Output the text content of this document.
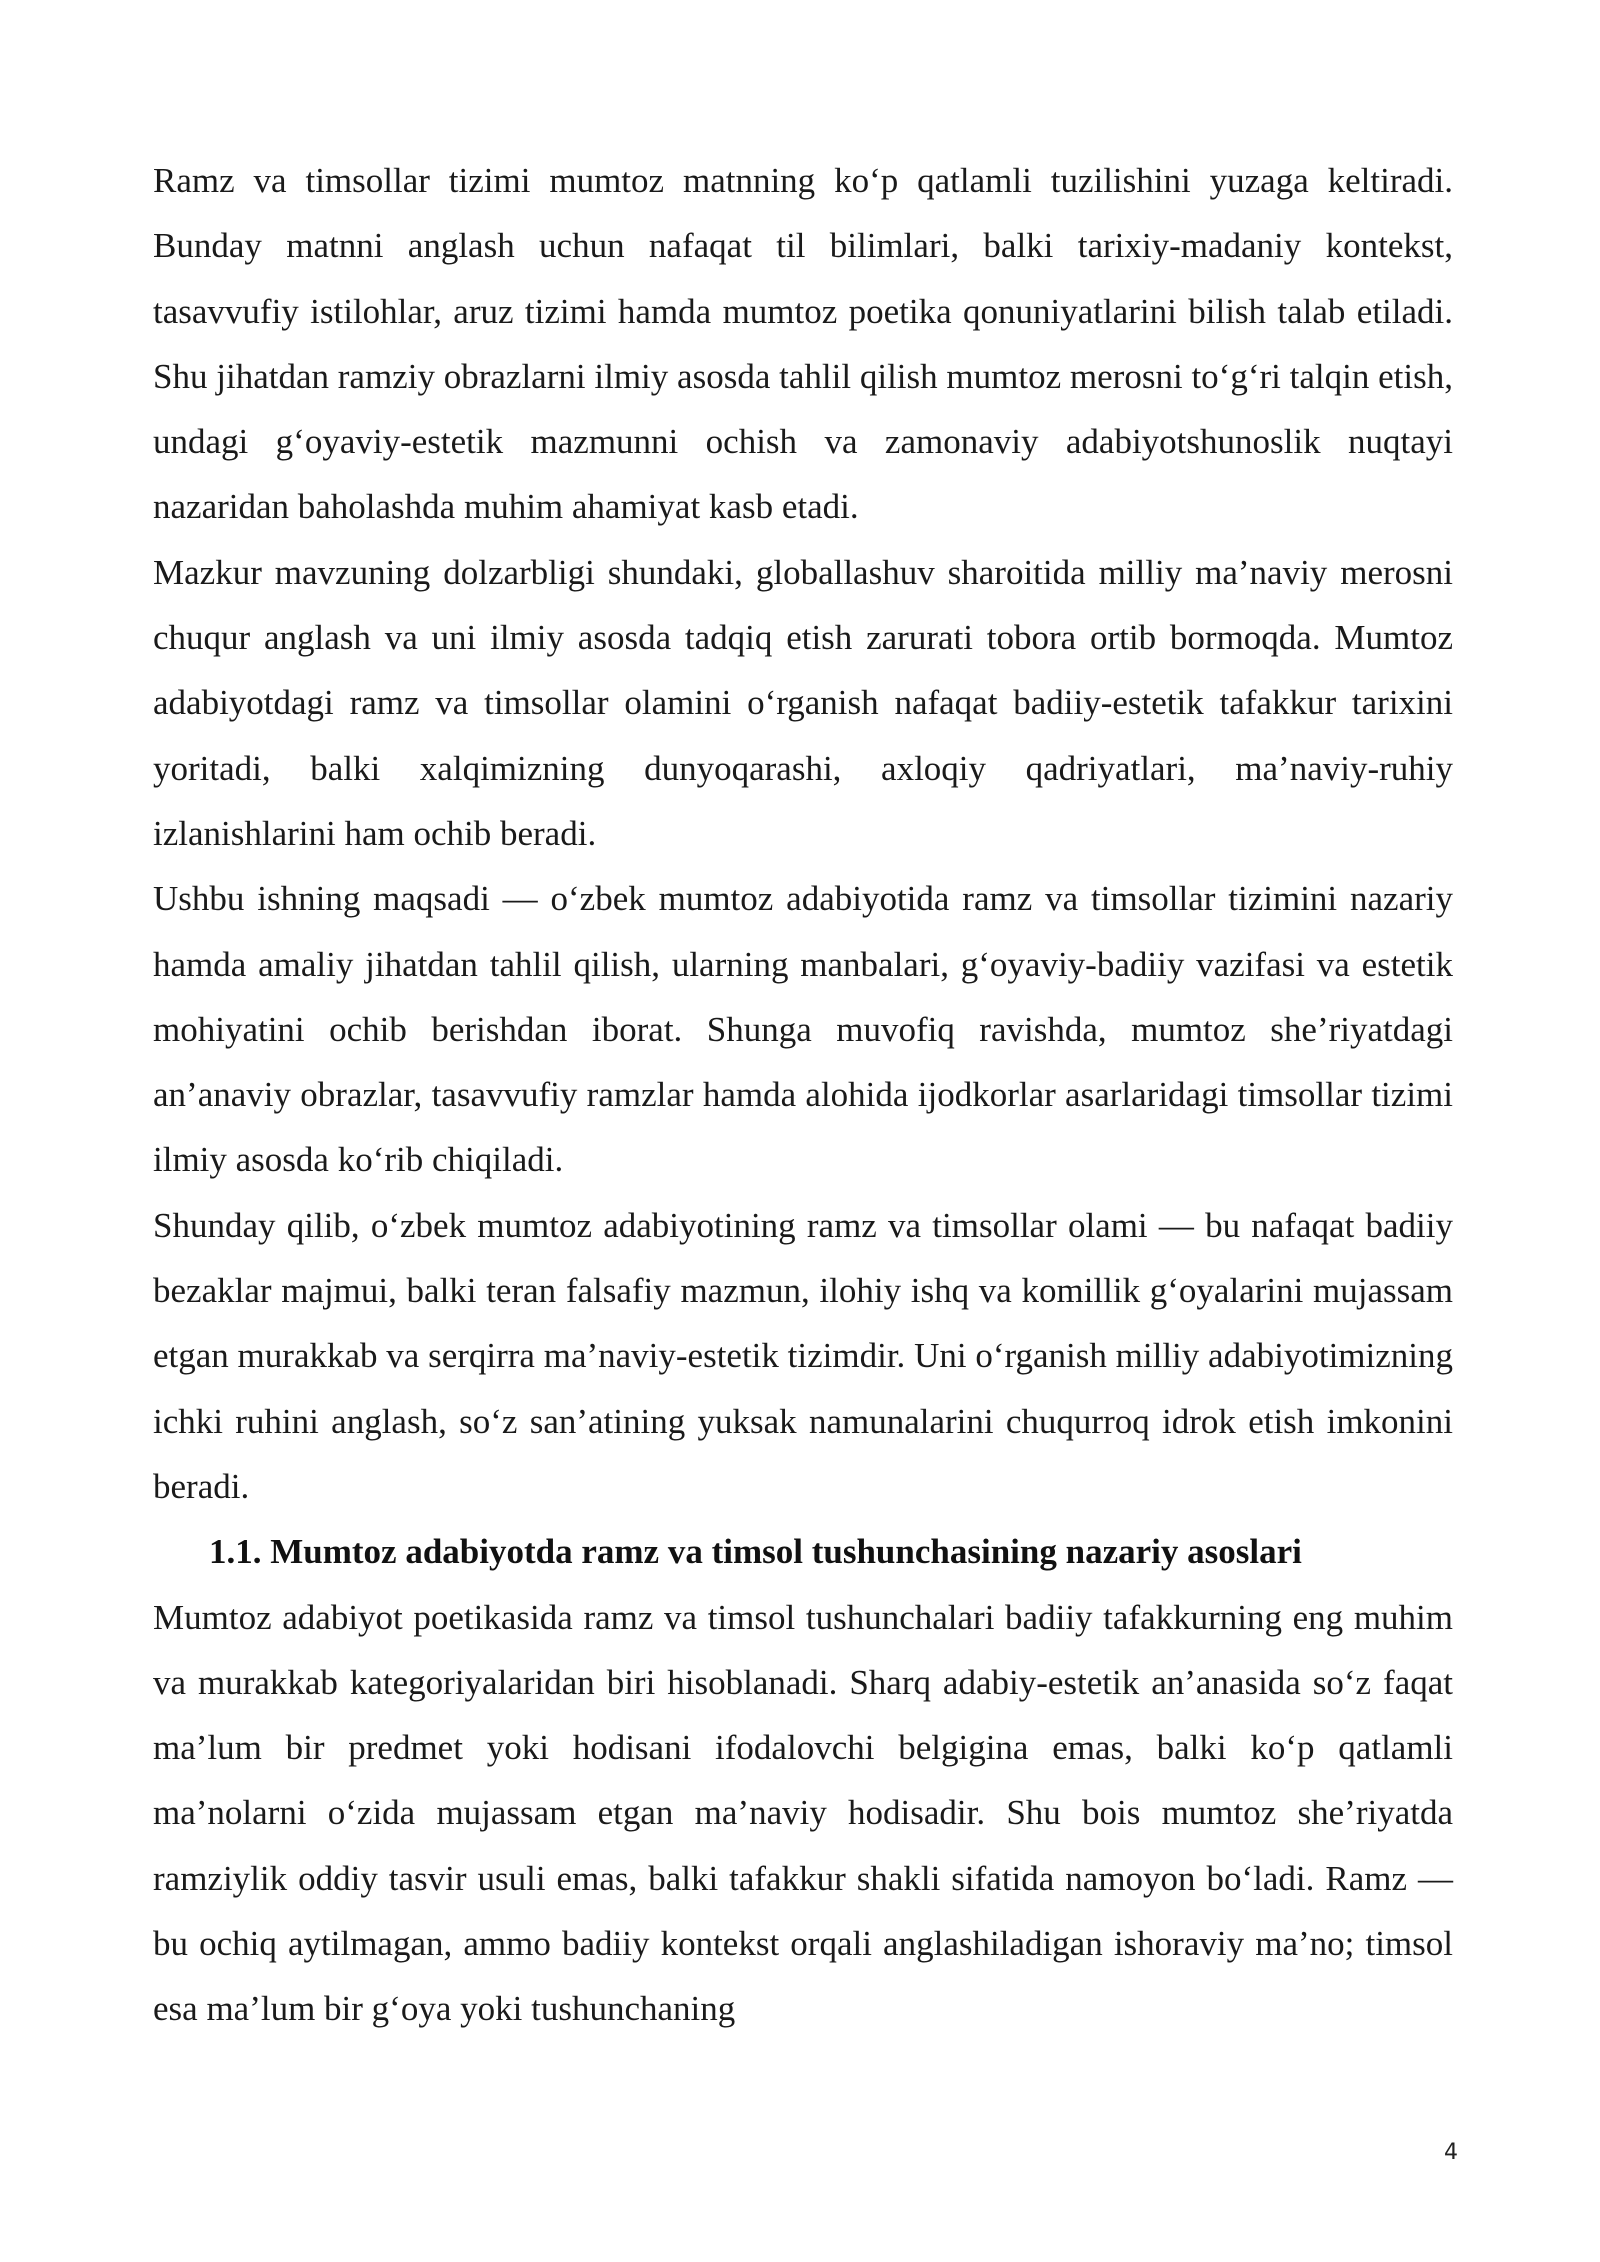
Ramz va timsollar tizimi mumtoz matnning ko‘p qatlamli tuzilishini yuzaga keltiradi. Bunday matnni anglash uchun nafaqat til bilimlari, balki tarixiy-madaniy kontekst, tasavvufiy istilohlar, aruz tizimi hamda mumtoz poetika qonuniyatlarini bilish talab etiladi. Shu jihatdan ramziy obrazlarni ilmiy asosda tahlil qilish mumtoz merosni to‘g‘ri talqin etish, undagi g‘oyaviy-estetik mazmunni ochish va zamonaviy adabiyotshunoslik nuqtayi nazaridan baholashda muhim ahamiyat kasb etadi.

Mazkur mavzuning dolzarbligi shundaki, globallashuv sharoitida milliy ma’naviy merosni chuqur anglash va uni ilmiy asosda tadqiq etish zarurati tobora ortib bormoqda. Mumtoz adabiyotdagi ramz va timsollar olamini o‘rganish nafaqat badiiy-estetik tafakkur tarixini yoritadi, balki xalqimizning dunyoqarashi, axloqiy qadriyatlari, ma’naviy-ruhiy izlanishlarini ham ochib beradi.

Ushbu ishning maqsadi — o‘zbek mumtoz adabiyotida ramz va timsollar tizimini nazariy hamda amaliy jihatdan tahlil qilish, ularning manbalari, g‘oyaviy-badiiy vazifasi va estetik mohiyatini ochib berishdan iborat. Shunga muvofiq ravishda, mumtoz she’riyatdagi an’anaviy obrazlar, tasavvufiy ramzlar hamda alohida ijodkorlar asarlaridagi timsollar tizimi ilmiy asosda ko‘rib chiqiladi.

Shunday qilib, o‘zbek mumtoz adabiyotining ramz va timsollar olami — bu nafaqat badiiy bezaklar majmui, balki teran falsafiy mazmun, ilohiy ishq va komillik g‘oyalarini mujassam etgan murakkab va serqirra ma’naviy-estetik tizimdir. Uni o‘rganish milliy adabiyotimizning ichki ruhini anglash, so‘z san’atining yuksak namunalarini chuqurroq idrok etish imkonini beradi.

1.1. Mumtoz adabiyotda ramz va timsol tushunchasining nazariy asoslari

Mumtoz adabiyot poetikasida ramz va timsol tushunchalari badiiy tafakkurning eng muhim va murakkab kategoriyalaridan biri hisoblanadi. Sharq adabiy-estetik an’anasida so‘z faqat ma’lum bir predmet yoki hodisani ifodalovchi belgigina emas, balki ko‘p qatlamli ma’nolarni o‘zida mujassam etgan ma’naviy hodisadir. Shu bois mumtoz she’riyatda ramziylik oddiy tasvir usuli emas, balki tafakkur shakli sifatida namoyon bo‘ladi. Ramz — bu ochiq aytilmagan, ammo badiiy kontekst orqali anglashiladigan ishoraviy ma’no; timsol esa ma’lum bir g‘oya yoki tushunchaning

4
